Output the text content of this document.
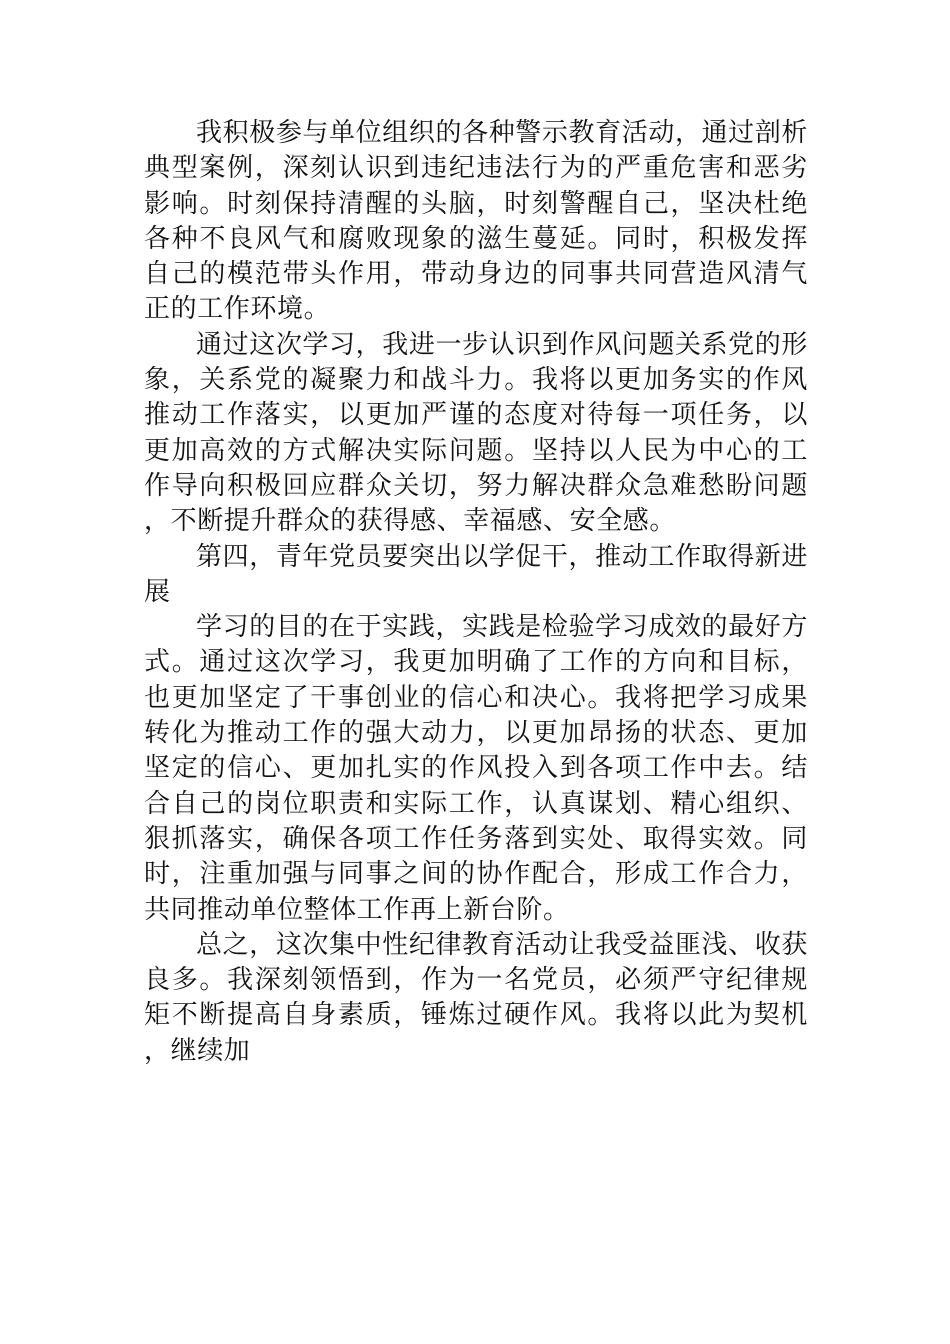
我积极参与单位组织的各种警示教育活动，通过剖析典型案例，深刻认识到违纪违法行为的严重危害和恶劣影响。时刻保持清醒的头脑，时刻警醒自己，坚决杜绝各种不良风气和腐败现象的滋生蔓延。同时，积极发挥自己的模范带头作用，带动身边的同事共同营造风清气正的工作环境。

通过这次学习，我进一步认识到作风问题关系党的形象，关系党的凝聚力和战斗力。我将以更加务实的作风推动工作落实，以更加严谨的态度对待每一项任务，以更加高效的方式解决实际问题。坚持以人民为中心的工作导向积极回应群众关切，努力解决群众急难愁盼问题，不断提升群众的获得感、幸福感、安全感。

第四，青年党员要突出以学促干，推动工作取得新进展

学习的目的在于实践，实践是检验学习成效的最好方式。通过这次学习，我更加明确了工作的方向和目标，也更加坚定了干事创业的信心和决心。我将把学习成果转化为推动工作的强大动力，以更加昂扬的状态、更加坚定的信心、更加扎实的作风投入到各项工作中去。结合自己的岗位职责和实际工作，认真谋划、精心组织、狠抓落实，确保各项工作任务落到实处、取得实效。同时，注重加强与同事之间的协作配合，形成工作合力，共同推动单位整体工作再上新台阶。

总之，这次集中性纪律教育活动让我受益匪浅、收获良多。我深刻领悟到，作为一名党员，必须严守纪律规矩不断提高自身素质，锤炼过硬作风。我将以此为契机，继续加
